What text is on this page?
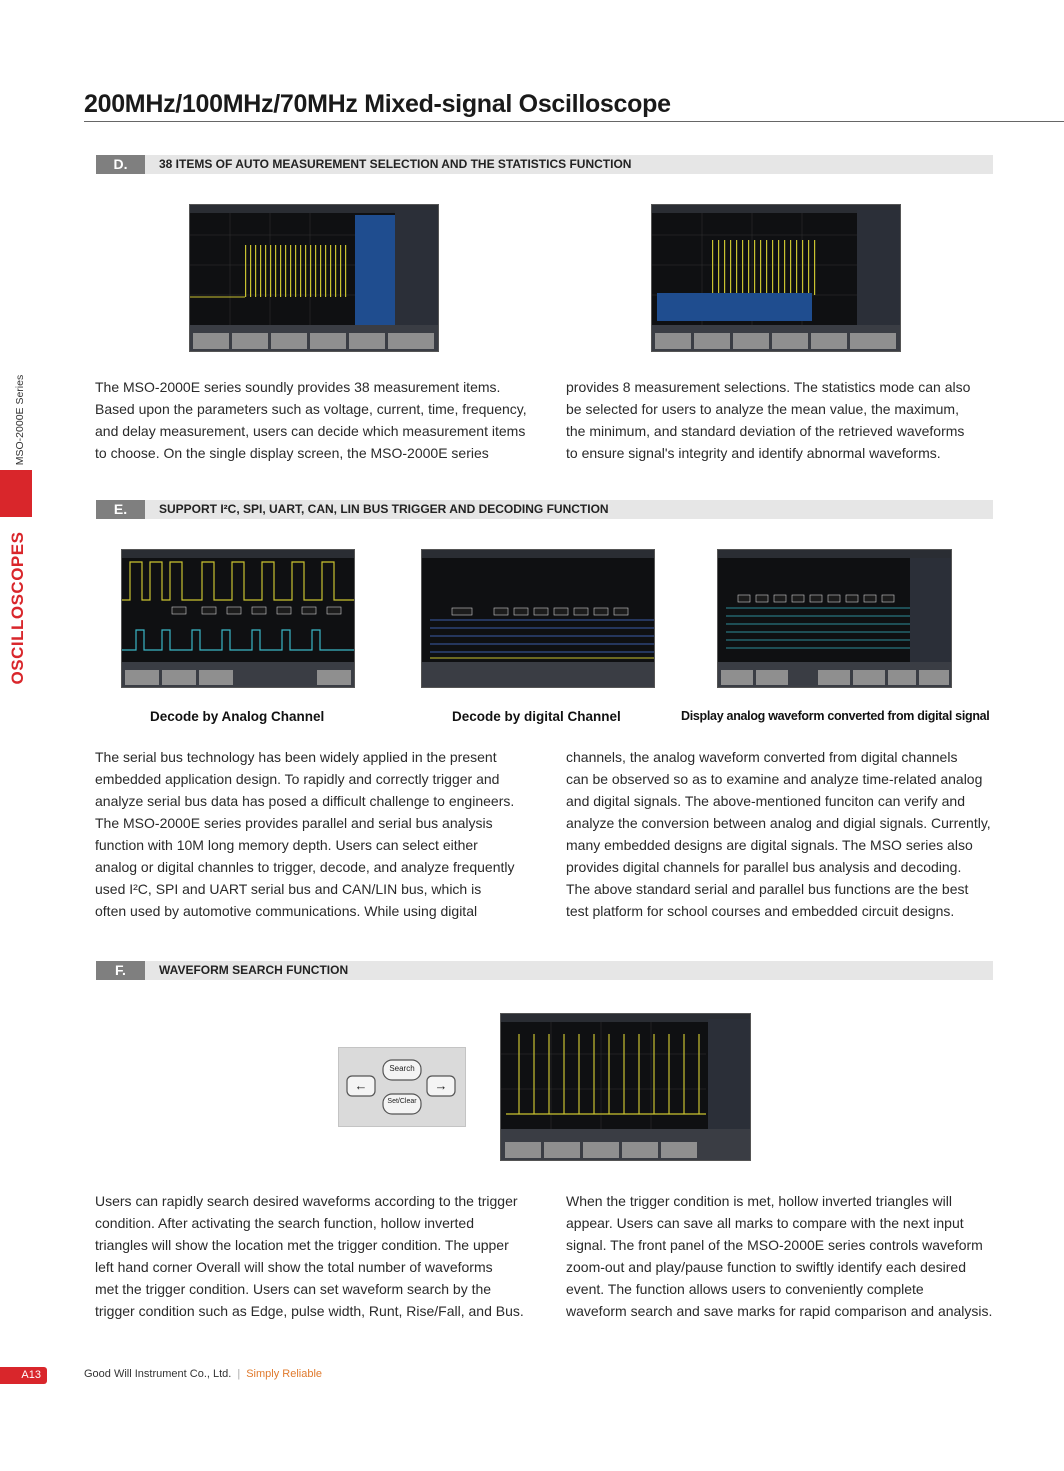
200MHz/100MHz/70MHz Mixed-signal Oscilloscope
MSO-2000E Series
OSCILLOSCOPES
D.	38 ITEMS OF AUTO MEASUREMENT SELECTION AND THE STATISTICS FUNCTION

The MSO-2000E series soundly provides 38 measurement items.

Based upon the parameters such as voltage, current, time, frequency,

and delay measurement, users can decide which measurement items

to choose. On the single display screen, the MSO-2000E series

provides 8 measurement selections. The statistics mode can also

be selected for users to analyze the mean value, the maximum,

the minimum, and standard deviation of the retrieved waveforms

to ensure signal's integrity and identify abnormal waveforms.

E.	SUPPORT I²C, SPI, UART, CAN, LIN BUS TRIGGER AND DECODING FUNCTION
Decode by Analog Channel	Decode by digital Channel	Display analog waveform converted from digital signal

The serial bus technology has been widely applied in the present

embedded application design. To rapidly and correctly trigger and

analyze serial bus data has posed a difficult challenge to engineers.

The MSO-2000E series provides parallel and serial bus analysis

function with 10M long memory depth. Users can select either

analog or digital channles to trigger, decode, and analyze frequently

used I²C, SPI and UART serial bus and CAN/LIN bus, which is

often used by automotive communications. While using digital

channels, the analog waveform converted from digital channels

can be observed so as to examine and analyze time-related analog

and digital signals. The above-mentioned funciton can verify and

analyze the conversion between analog and digial signals. Currently,

many embedded designs are digital signals. The MSO series also

provides digital channels for parallel bus analysis and decoding.

The above standard serial and parallel bus functions are the best

test platform for school courses and embedded circuit designs.

F.	WAVEFORM SEARCH FUNCTION
Search
Set/Clear
←	→

Users can rapidly search desired waveforms according to the trigger

condition. After activating the search function, hollow inverted

triangles will show the location met the trigger condition. The upper

left hand corner Overall will show the total number of waveforms

met the trigger condition. Users can set waveform search by the

trigger condition such as Edge, pulse width, Runt, Rise/Fall, and Bus.

When the trigger condition is met, hollow inverted triangles will

appear. Users can save all marks to compare with the next input

signal. The front panel of the MSO-2000E series controls waveform

zoom-out and play/pause function to swiftly identify each desired

event. The function allows users to conveniently complete

waveform search and save marks for rapid comparison and analysis.

A13	Good Will Instrument Co., Ltd. | Simply Reliable
